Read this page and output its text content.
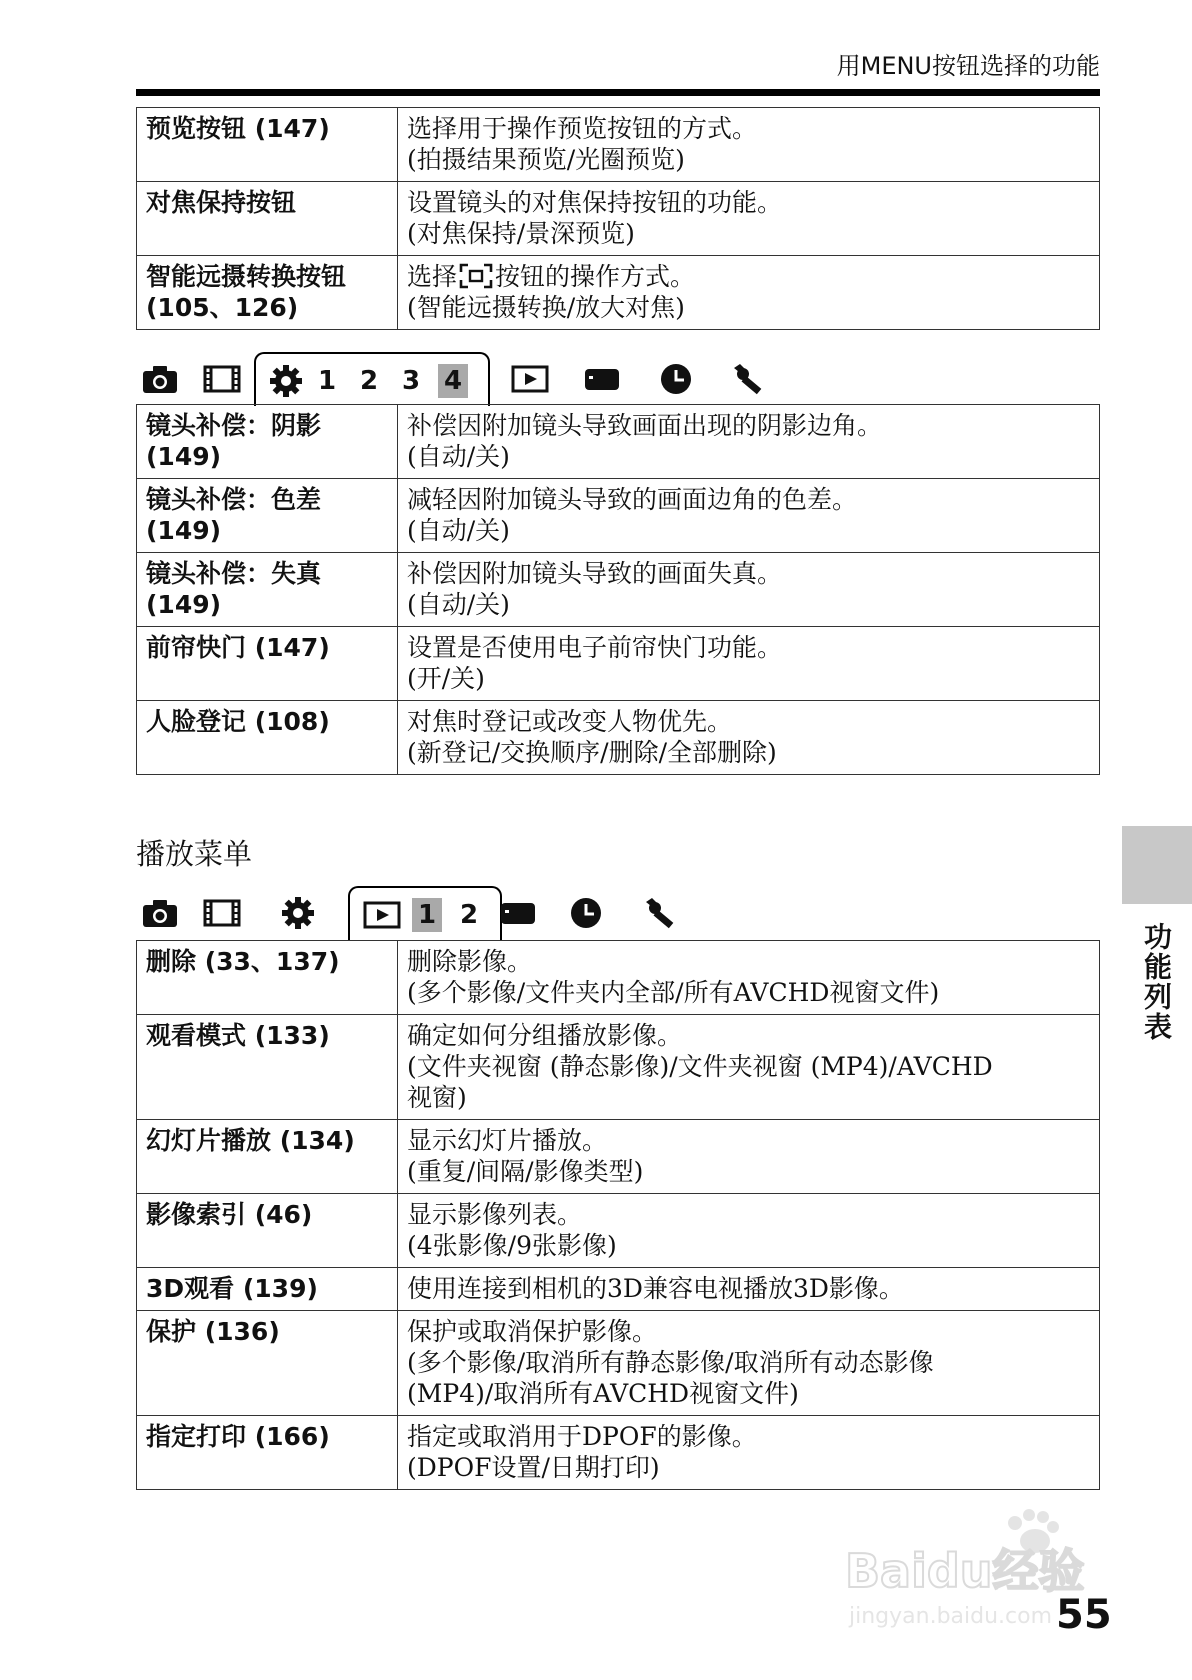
用MENU按钮选择的功能
预览按钮 (147)	选择用于操作预览按钮的方式。
(拍摄结果预览/光圈预览)

对焦保持按钮	设置镜头的对焦保持按钮的功能。
(对焦保持/景深预览)

智能远摄转换按钮
(105、126)	选择 按钮的操作方式。
(智能远摄转换/放大对焦)
1 2 3 4
镜头补偿：阴影
(149)	补偿因附加镜头导致画面出现的阴影边角。
(自动/关)

镜头补偿：色差
(149)	减轻因附加镜头导致的画面边角的色差。
(自动/关)

镜头补偿：失真
(149)	补偿因附加镜头导致的画面失真。
(自动/关)

前帘快门 (147)	设置是否使用电子前帘快门功能。
(开/关)

人脸登记 (108)	对焦时登记或改变人物优先。
(新登记/交换顺序/删除/全部删除)
播放菜单
1 2
删除 (33、137)	删除影像。
(多个影像/文件夹内全部/所有AVCHD视窗文件)

观看模式 (133)	确定如何分组播放影像。
(文件夹视窗 (静态影像)/文件夹视窗 (MP4)/AVCHD
视窗)

幻灯片播放 (134)	显示幻灯片播放。
(重复/间隔/影像类型)

影像索引 (46)	显示影像列表。
(4张影像/9张影像)

3D观看 (139)	使用连接到相机的3D兼容电视播放3D影像。

保护 (136)	保护或取消保护影像。
(多个影像/取消所有静态影像/取消所有动态影像
(MP4)/取消所有AVCHD视窗文件)

指定打印 (166)	指定或取消用于DPOF的影像。
(DPOF设置/日期打印)
功能列表
Baidu经验
jingyan.baidu.com 55
